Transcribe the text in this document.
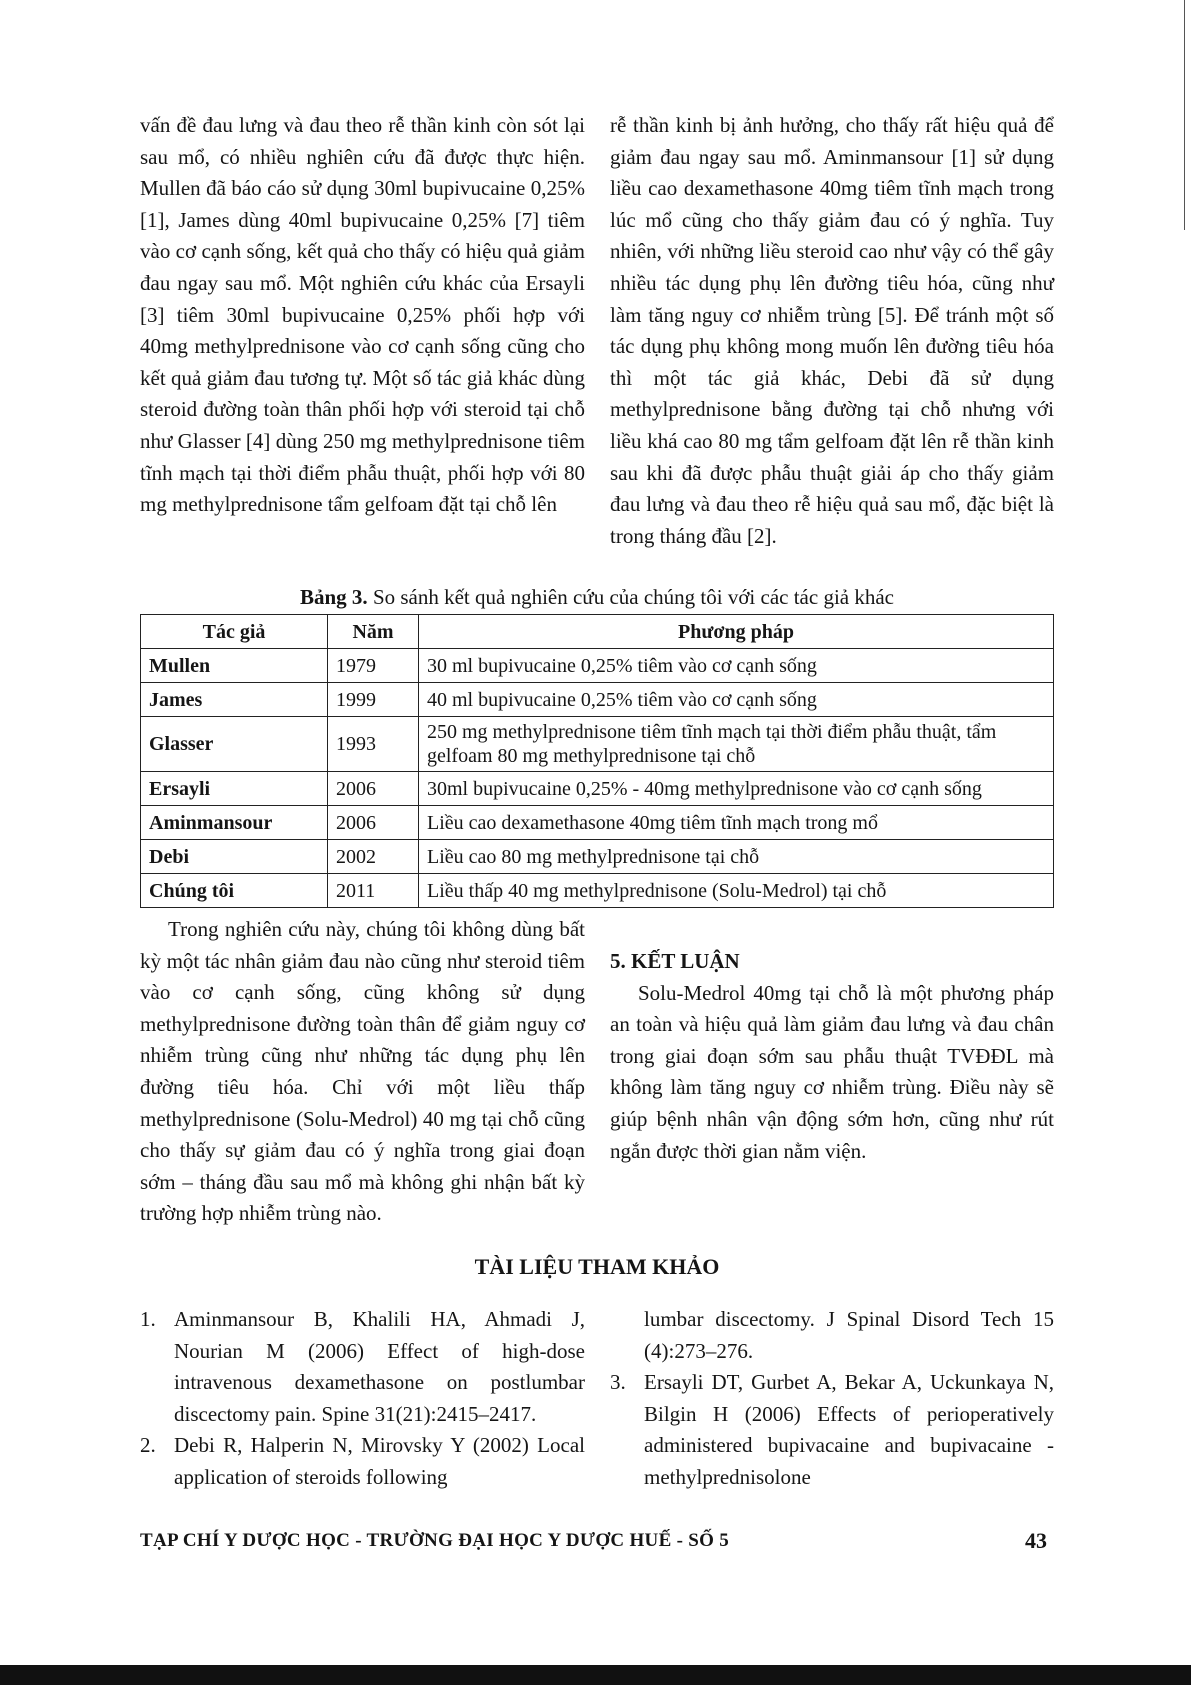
vấn đề đau lưng và đau theo rễ thần kinh còn sót lại sau mổ, có nhiều nghiên cứu đã được thực hiện. Mullen đã báo cáo sử dụng 30ml bupivucaine 0,25% [1], James dùng 40ml bupivucaine 0,25% [7] tiêm vào cơ cạnh sống, kết quả cho thấy có hiệu quả giảm đau ngay sau mổ. Một nghiên cứu khác của Ersayli [3] tiêm 30ml bupivucaine 0,25% phối hợp với 40mg methylprednisone vào cơ cạnh sống cũng cho kết quả giảm đau tương tự. Một số tác giả khác dùng steroid đường toàn thân phối hợp với steroid tại chỗ như Glasser [4] dùng 250 mg methylprednisone tiêm tĩnh mạch tại thời điểm phẫu thuật, phối hợp với 80 mg methylprednisone tẩm gelfoam đặt tại chỗ lên

rễ thần kinh bị ảnh hưởng, cho thấy rất hiệu quả để giảm đau ngay sau mổ. Aminmansour [1] sử dụng liều cao dexamethasone 40mg tiêm tĩnh mạch trong lúc mổ cũng cho thấy giảm đau có ý nghĩa. Tuy nhiên, với những liều steroid cao như vậy có thể gây nhiều tác dụng phụ lên đường tiêu hóa, cũng như làm tăng nguy cơ nhiễm trùng [5]. Để tránh một số tác dụng phụ không mong muốn lên đường tiêu hóa thì một tác giả khác, Debi đã sử dụng methylprednisone bằng đường tại chỗ nhưng với liều khá cao 80 mg tẩm gelfoam đặt lên rễ thần kinh sau khi đã được phẫu thuật giải áp cho thấy giảm đau lưng và đau theo rễ hiệu quả sau mổ, đặc biệt là trong tháng đầu [2].

Bảng 3. So sánh kết quả nghiên cứu của chúng tôi với các tác giả khác
Tác giả	Năm	Phương pháp
Mullen	1979	30 ml bupivucaine 0,25% tiêm vào cơ cạnh sống
James	1999	40 ml bupivucaine 0,25% tiêm vào cơ cạnh sống
Glasser	1993	250 mg methylprednisone tiêm tĩnh mạch tại thời điểm phẫu thuật, tẩm gelfoam 80 mg methylprednisone tại chỗ
Ersayli	2006	30ml bupivucaine 0,25% - 40mg methylprednisone vào cơ cạnh sống
Aminmansour	2006	Liều cao dexamethasone 40mg tiêm tĩnh mạch trong mổ
Debi	2002	Liều cao 80 mg methylprednisone tại chỗ
Chúng tôi	2011	Liều thấp 40 mg methylprednisone (Solu-Medrol) tại chỗ

Trong nghiên cứu này, chúng tôi không dùng bất kỳ một tác nhân giảm đau nào cũng như steroid tiêm vào cơ cạnh sống, cũng không sử dụng methylprednisone đường toàn thân để giảm nguy cơ nhiễm trùng cũng như những tác dụng phụ lên đường tiêu hóa. Chỉ với một liều thấp methylprednisone (Solu-Medrol) 40 mg tại chỗ cũng cho thấy sự giảm đau có ý nghĩa trong giai đoạn sớm – tháng đầu sau mổ mà không ghi nhận bất kỳ trường hợp nhiễm trùng nào.

5. KẾT LUẬN

Solu-Medrol 40mg tại chỗ là một phương pháp an toàn và hiệu quả làm giảm đau lưng và đau chân trong giai đoạn sớm sau phẫu thuật TVĐĐL mà không làm tăng nguy cơ nhiễm trùng. Điều này sẽ giúp bệnh nhân vận động sớm hơn, cũng như rút ngắn được thời gian nằm viện.

TÀI LIỆU THAM KHẢO

1. Aminmansour B, Khalili HA, Ahmadi J, Nourian M (2006) Effect of high-dose intravenous dexamethasone on postlumbar discectomy pain. Spine 31(21):2415–2417.

2. Debi R, Halperin N, Mirovsky Y (2002) Local application of steroids following

lumbar discectomy. J Spinal Disord Tech 15 (4):273–276.

3. Ersayli DT, Gurbet A, Bekar A, Uckunkaya N, Bilgin H (2006) Effects of perioperatively administered bupivacaine and bupivacaine - methylprednisolone

TẠP CHÍ Y DƯỢC HỌC - TRƯỜNG ĐẠI HỌC Y DƯỢC HUẾ - SỐ 5	43
